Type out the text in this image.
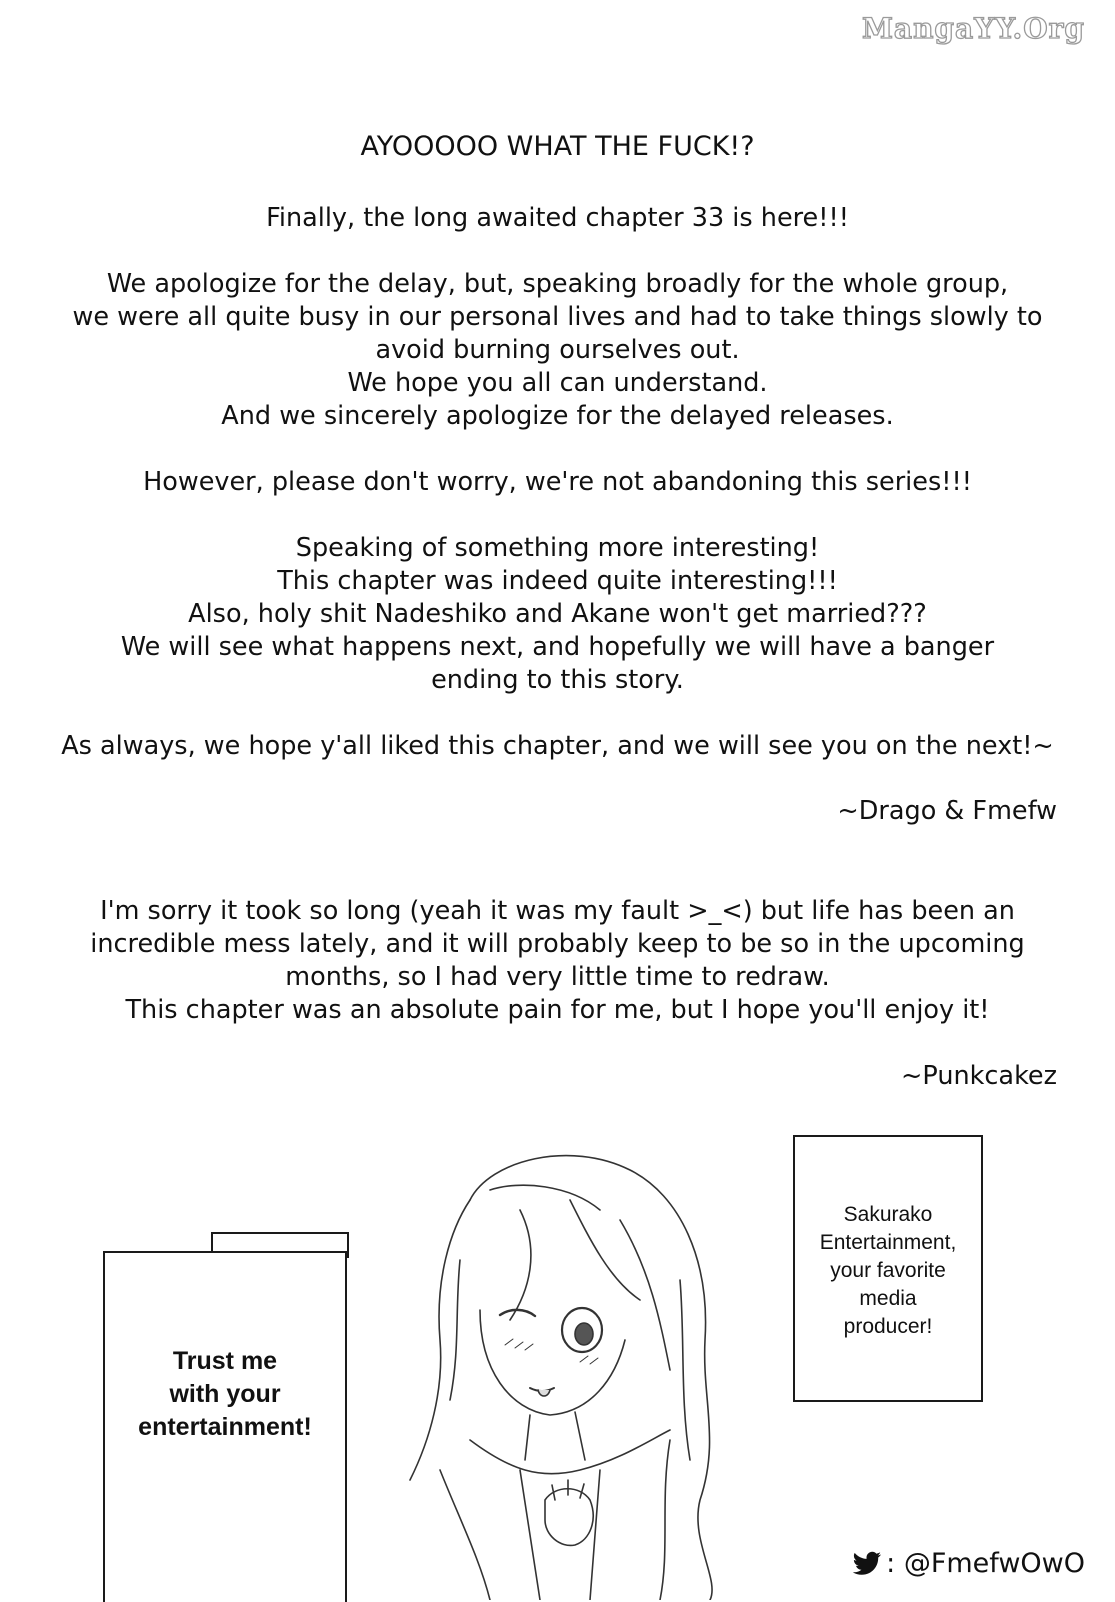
MangaYY.Org
AYOOOOO WHAT THE FUCK!?
Finally, the long awaited chapter 33 is here!!!
We apologize for the delay, but, speaking broadly for the whole group,
we were all quite busy in our personal lives and had to take things slowly to
avoid burning ourselves out.
We hope you all can understand.
And we sincerely apologize for the delayed releases.
However, please don't worry, we're not abandoning this series!!!
Speaking of something more interesting!
This chapter was indeed quite interesting!!!
Also, holy shit Nadeshiko and Akane won't get married???
We will see what happens next, and hopefully we will have a banger
ending to this story.
As always, we hope y'all liked this chapter, and we will see you on the next!~
~Drago & Fmefw
I'm sorry it took so long (yeah it was my fault >_<) but life has been an
incredible mess lately, and it will probably keep to be so in the upcoming
months, so I had very little time to redraw.
This chapter was an absolute pain for me, but I hope you'll enjoy it!
~Punkcakez
Trust me
with your
entertainment!
Sakurako
Entertainment,
your favorite
media
producer!
: @FmefwOwO
